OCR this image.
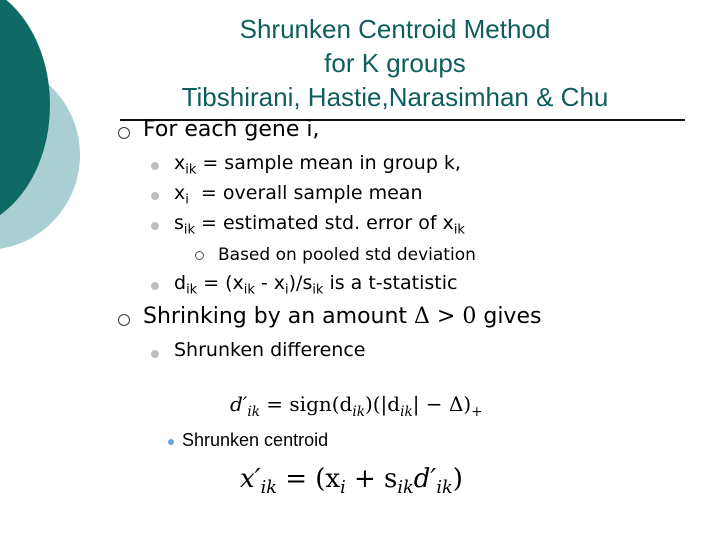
Shrunken Centroid Method
for K groups
Tibshirani, Hastie,Narasimhan & Chu
For each gene i,
$x_{ik}$ = sample mean in group k,
$x_i$  = overall sample mean
$s_{ik}$ = estimated std. error of $x_{ik}$
Based on pooled std deviation
$d_{ik} = (x_{ik} - x_i)/s_{ik}$ is a t-statistic
Shrinking by an amount Δ > 0 gives
Shrunken difference
$d'_{ik}$ = $sign(d_{ik})(|d_{ik}| - \Delta)_+$
Shrunken centroid
$x'_{ik} = (x_i + s_{ik}d'_{ik})$
